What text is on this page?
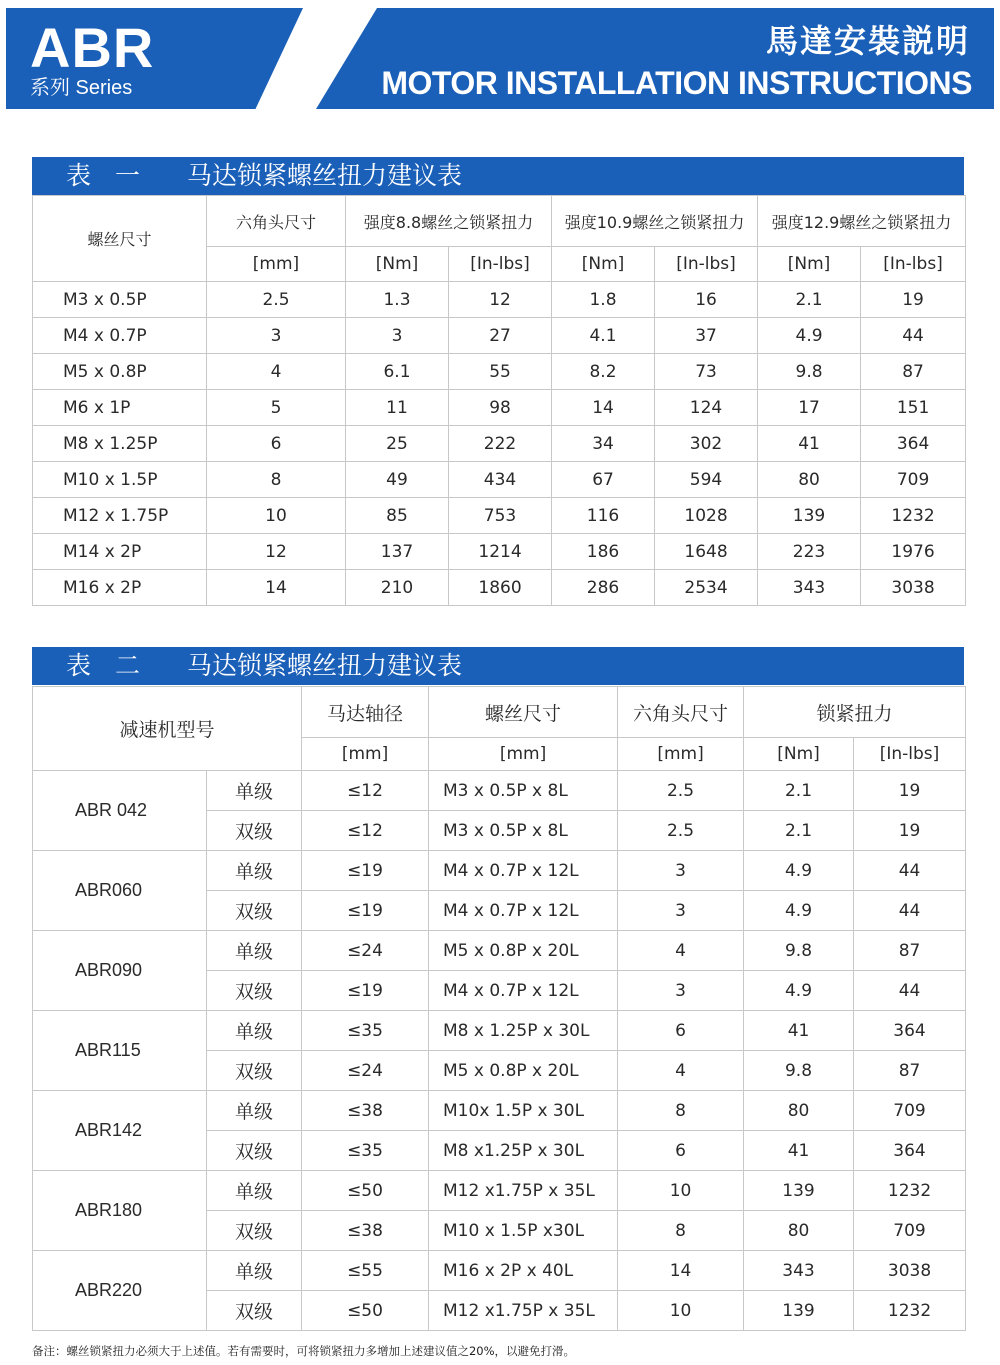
ABR
系列 Series
馬達安裝説明
MOTOR INSTALLATION INSTRUCTIONS
表 一 马达锁紧螺丝扭力建议表
螺丝尺寸	六角头尺寸	强度8.8螺丝之锁紧扭力		强度10.9螺丝之锁紧扭力		强度12.9螺丝之锁紧扭力	
	[mm]	[Nm]	[In-lbs]	[Nm]	[In-lbs]	[Nm]	[In-lbs]
M3 x 0.5P	2.5	1.3	12	1.8	16	2.1	19
M4 x 0.7P	3	3	27	4.1	37	4.9	44
M5 x 0.8P	4	6.1	55	8.2	73	9.8	87
M6 x 1P	5	11	98	14	124	17	151
M8 x 1.25P	6	25	222	34	302	41	364
M10 x 1.5P	8	49	434	67	594	80	709
M12 x 1.75P	10	85	753	116	1028	139	1232
M14 x 2P	12	137	1214	186	1648	223	1976
M16 x 2P	14	210	1860	286	2534	343	3038
表 二 马达锁紧螺丝扭力建议表
减速机型号		马达轴径	螺丝尺寸	六角头尺寸	锁紧扭力	
		[mm]	[mm]	[mm]	[Nm]	[In-lbs]
ABR 042	单级	≤12	M3 x 0.5P x 8L	2.5	2.1	19
	双级	≤12	M3 x 0.5P x 8L	2.5	2.1	19
ABR060	单级	≤19	M4 x 0.7P x 12L	3	4.9	44
	双级	≤19	M4 x 0.7P x 12L	3	4.9	44
ABR090	单级	≤24	M5 x 0.8P x 20L	4	9.8	87
	双级	≤19	M4 x 0.7P x 12L	3	4.9	44
ABR115	单级	≤35	M8 x 1.25P x 30L	6	41	364
	双级	≤24	M5 x 0.8P x 20L	4	9.8	87
ABR142	单级	≤38	M10x 1.5P x 30L	8	80	709
	双级	≤35	M8 x1.25P x 30L	6	41	364
ABR180	单级	≤50	M12 x1.75P x 35L	10	139	1232
	双级	≤38	M10 x 1.5P x30L	8	80	709
ABR220	单级	≤55	M16 x 2P x 40L	14	343	3038
	双级	≤50	M12 x1.75P x 35L	10	139	1232
备注：螺丝锁紧扭力必须大于上述值。若有需要时，可将锁紧扭力多增加上述建议值之20%，以避免打滑。
